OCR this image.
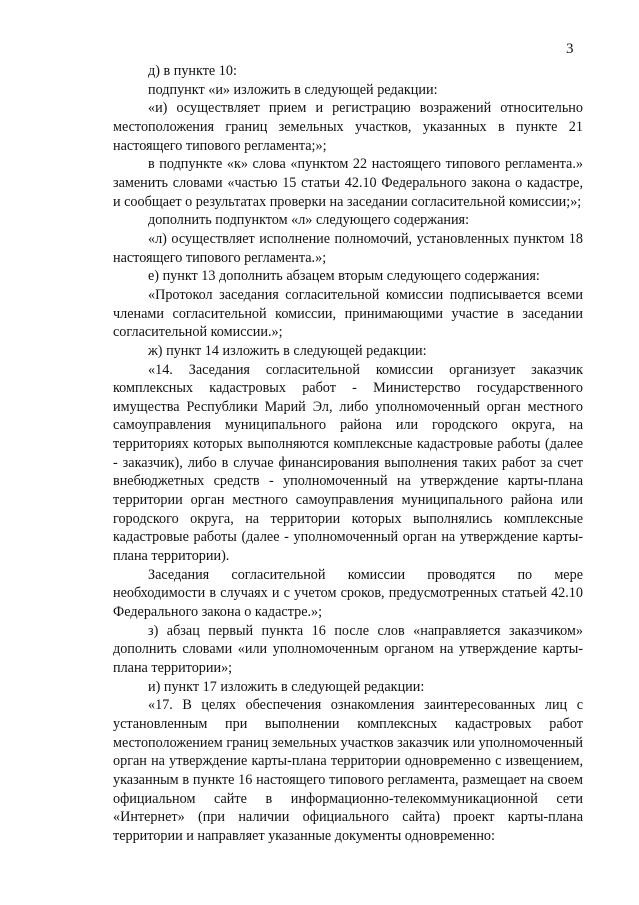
3

д) в пункте 10:

подпункт «и» изложить в следующей редакции:

«и) осуществляет прием и регистрацию возражений относительно местоположения границ земельных участков, указанных в пункте 21 настоящего типового регламента;»;

в подпункте «к» слова «пунктом 22 настоящего типового регламента.» заменить словами «частью 15 статьи 42.10 Федерального закона о кадастре, и сообщает о результатах проверки на заседании согласительной комиссии;»;

дополнить подпунктом «л» следующего содержания:

«л) осуществляет исполнение полномочий, установленных пунктом 18 настоящего типового регламента.»;

е) пункт 13 дополнить абзацем вторым следующего содержания:

«Протокол заседания согласительной комиссии подписывается всеми членами согласительной комиссии, принимающими участие в заседании согласительной комиссии.»;

ж) пункт 14 изложить в следующей редакции:

«14. Заседания согласительной комиссии организует заказчик комплексных кадастровых работ - Министерство государственного имущества Республики Марий Эл, либо уполномоченный орган местного самоуправления муниципального района или городского округа, на территориях которых выполняются комплексные кадастровые работы (далее - заказчик), либо в случае финансирования выполнения таких работ за счет внебюджетных средств - уполномоченный на утверждение карты-плана территории орган местного самоуправления муниципального района или городского округа, на территории которых выполнялись комплексные кадастровые работы (далее - уполномоченный орган на утверждение карты-плана территории).

Заседания согласительной комиссии проводятся по мере необходимости в случаях и с учетом сроков, предусмотренных статьей 42.10 Федерального закона о кадастре.»;

з) абзац первый пункта 16 после слов «направляется заказчиком» дополнить словами «или уполномоченным органом на утверждение карты-плана территории»;

и) пункт 17 изложить в следующей редакции:

«17. В целях обеспечения ознакомления заинтересованных лиц с установленным при выполнении комплексных кадастровых работ местоположением границ земельных участков заказчик или уполномоченный орган на утверждение карты-плана территории одновременно с извещением, указанным в пункте 16 настоящего типового регламента, размещает на своем официальном сайте в информационно-телекоммуникационной сети «Интернет» (при наличии официального сайта) проект карты-плана территории и направляет указанные документы одновременно:
